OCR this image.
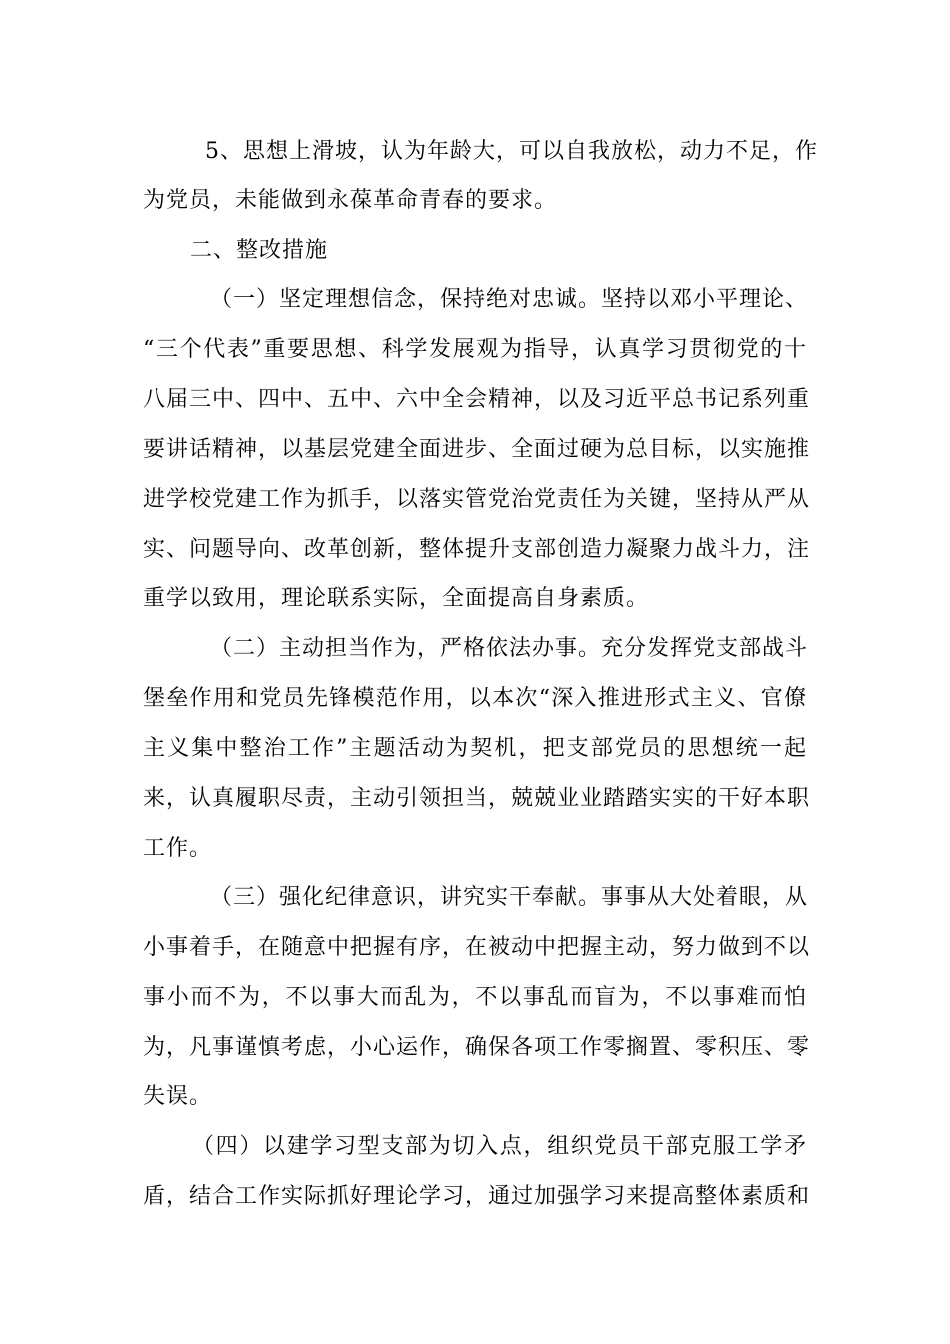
5、思想上滑坡，认为年龄大，可以自我放松，动力不足，作
为党员，未能做到永葆革命青春的要求。
二、整改措施
（一）坚定理想信念，保持绝对忠诚。坚持以邓小平理论、
“三个代表”重要思想、科学发展观为指导，认真学习贯彻党的十
八届三中、四中、五中、六中全会精神，以及习近平总书记系列重
要讲话精神，以基层党建全面进步、全面过硬为总目标，以实施推
进学校党建工作为抓手，以落实管党治党责任为关键，坚持从严从
实、问题导向、改革创新，整体提升支部创造力凝聚力战斗力，注
重学以致用，理论联系实际，全面提高自身素质。
（二）主动担当作为，严格依法办事。充分发挥党支部战斗
堡垒作用和党员先锋模范作用，以本次“深入推进形式主义、官僚
主义集中整治工作”主题活动为契机，把支部党员的思想统一起
来，认真履职尽责，主动引领担当，兢兢业业踏踏实实的干好本职
工作。
（三）强化纪律意识，讲究实干奉献。事事从大处着眼，从
小事着手，在随意中把握有序，在被动中把握主动，努力做到不以
事小而不为，不以事大而乱为，不以事乱而盲为，不以事难而怕
为，凡事谨慎考虑，小心运作，确保各项工作零搁置、零积压、零
失误。
（四）以建学习型支部为切入点，组织党员干部克服工学矛
盾，结合工作实际抓好理论学习，通过加强学习来提高整体素质和
